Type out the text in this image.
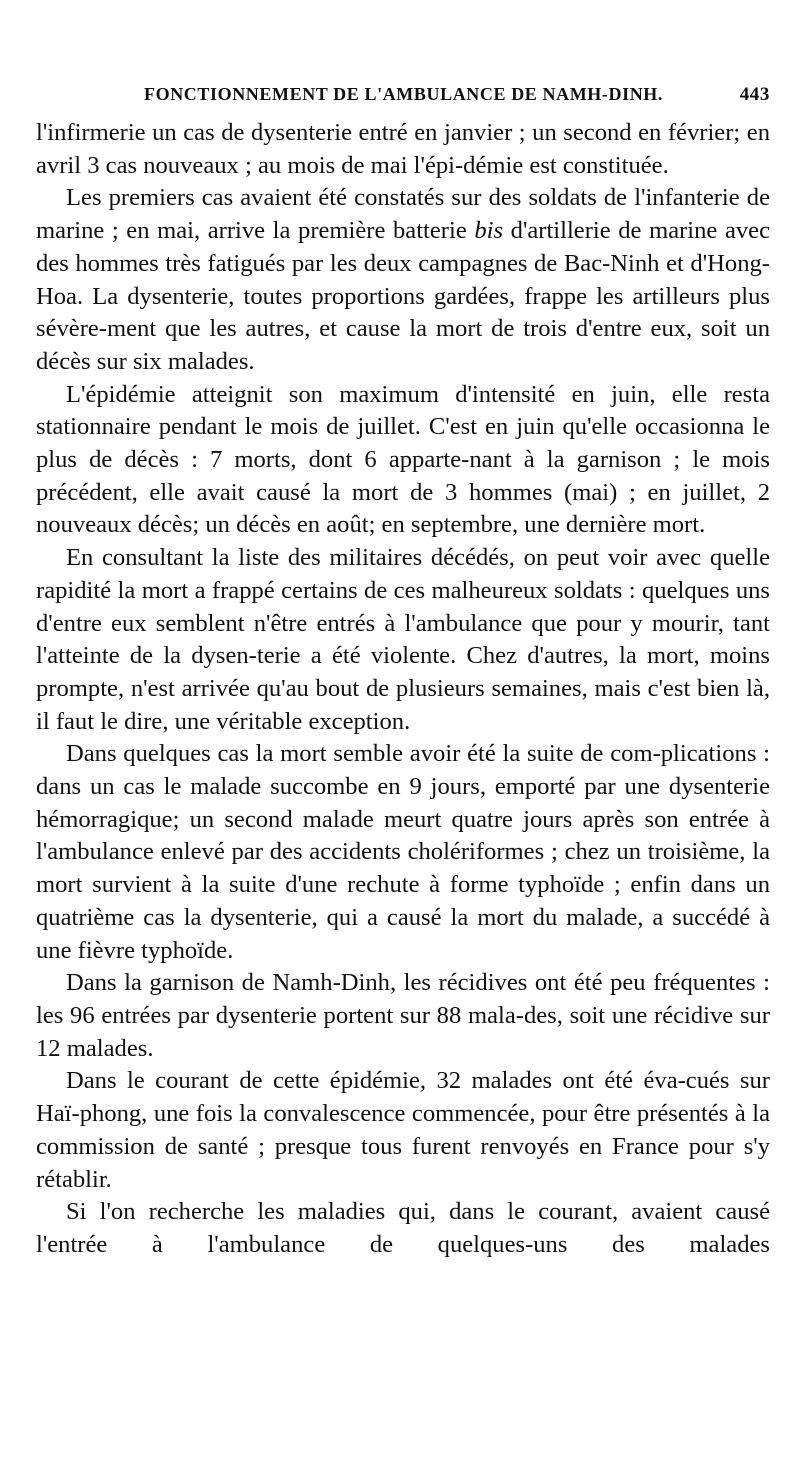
FONCTIONNEMENT DE L'AMBULANCE DE NAMH-DINH.	443

l'infirmerie un cas de dysenterie entré en janvier ; un second en février; en avril 3 cas nouveaux ; au mois de mai l'épi-démie est constituée.

Les premiers cas avaient été constatés sur des soldats de l'infanterie de marine ; en mai, arrive la première batterie bis d'artillerie de marine avec des hommes très fatigués par les deux campagnes de Bac-Ninh et d'Hong-Hoa. La dysenterie, toutes proportions gardées, frappe les artilleurs plus sévère-ment que les autres, et cause la mort de trois d'entre eux, soit un décès sur six malades.

L'épidémie atteignit son maximum d'intensité en juin, elle resta stationnaire pendant le mois de juillet. C'est en juin qu'elle occasionna le plus de décès : 7 morts, dont 6 apparte-nant à la garnison ; le mois précédent, elle avait causé la mort de 3 hommes (mai) ; en juillet, 2 nouveaux décès; un décès en août; en septembre, une dernière mort.

En consultant la liste des militaires décédés, on peut voir avec quelle rapidité la mort a frappé certains de ces malheureux soldats : quelques uns d'entre eux semblent n'être entrés à l'ambulance que pour y mourir, tant l'atteinte de la dysen-terie a été violente. Chez d'autres, la mort, moins prompte, n'est arrivée qu'au bout de plusieurs semaines, mais c'est bien là, il faut le dire, une véritable exception.

Dans quelques cas la mort semble avoir été la suite de com-plications : dans un cas le malade succombe en 9 jours, emporté par une dysenterie hémorragique; un second malade meurt quatre jours après son entrée à l'ambulance enlevé par des accidents cholériformes ; chez un troisième, la mort survient à la suite d'une rechute à forme typhoïde ; enfin dans un quatrième cas la dysenterie, qui a causé la mort du malade, a succédé à une fièvre typhoïde.

Dans la garnison de Namh-Dinh, les récidives ont été peu fréquentes : les 96 entrées par dysenterie portent sur 88 mala-des, soit une récidive sur 12 malades.

Dans le courant de cette épidémie, 32 malades ont été éva-cués sur Haï-phong, une fois la convalescence commencée, pour être présentés à la commission de santé ; presque tous furent renvoyés en France pour s'y rétablir.

Si l'on recherche les maladies qui, dans le courant, avaient causé l'entrée à l'ambulance de quelques-uns des malades
